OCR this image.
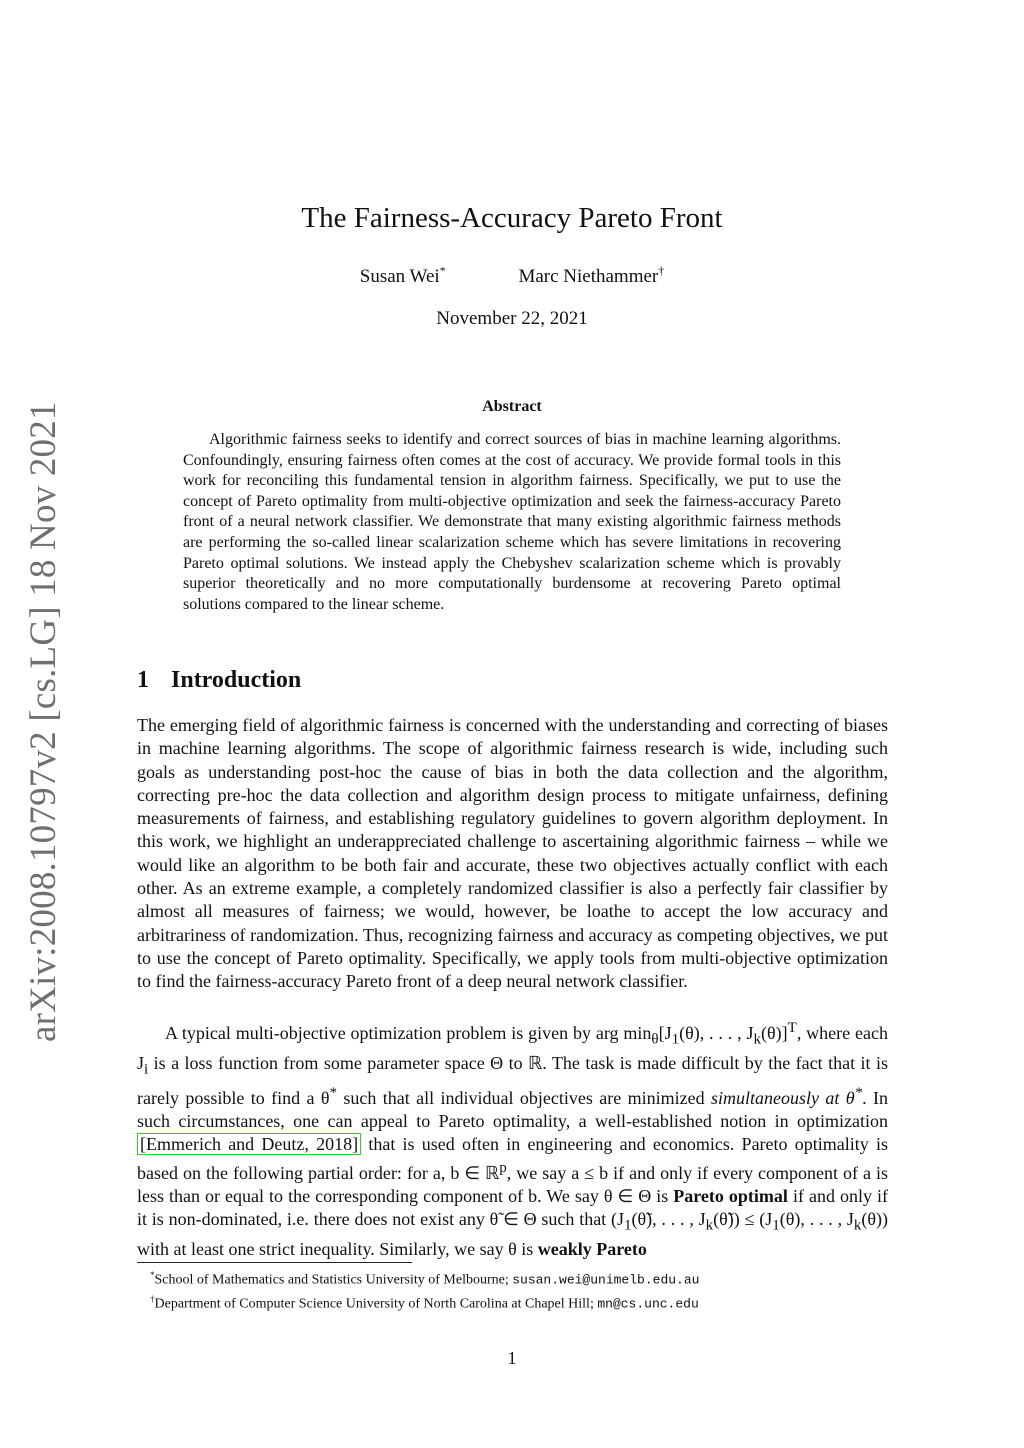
arXiv:2008.10797v2 [cs.LG] 18 Nov 2021
The Fairness-Accuracy Pareto Front
Susan Wei*	Marc Niethammer†
November 22, 2021
Abstract

Algorithmic fairness seeks to identify and correct sources of bias in machine learning algorithms. Confoundingly, ensuring fairness often comes at the cost of accuracy. We provide formal tools in this work for reconciling this fundamental tension in algorithm fairness. Specifically, we put to use the concept of Pareto optimality from multi-objective optimization and seek the fairness-accuracy Pareto front of a neural network classifier. We demonstrate that many existing algorithmic fairness methods are performing the so-called linear scalarization scheme which has severe limitations in recovering Pareto optimal solutions. We instead apply the Chebyshev scalarization scheme which is provably superior theoretically and no more computationally burdensome at recovering Pareto optimal solutions compared to the linear scheme.

1 Introduction

The emerging field of algorithmic fairness is concerned with the understanding and correcting of biases in machine learning algorithms. The scope of algorithmic fairness research is wide, including such goals as understanding post-hoc the cause of bias in both the data collection and the algorithm, correcting pre-hoc the data collection and algorithm design process to mitigate unfairness, defining measurements of fairness, and establishing regulatory guidelines to govern algorithm deployment. In this work, we highlight an underappreciated challenge to ascertaining algorithmic fairness – while we would like an algorithm to be both fair and accurate, these two objectives actually conflict with each other. As an extreme example, a completely randomized classifier is also a perfectly fair classifier by almost all measures of fairness; we would, however, be loathe to accept the low accuracy and arbitrariness of randomization. Thus, recognizing fairness and accuracy as competing objectives, we put to use the concept of Pareto optimality. Specifically, we apply tools from multi-objective optimization to find the fairness-accuracy Pareto front of a deep neural network classifier.

A typical multi-objective optimization problem is given by arg $\min_\theta[J_1(\theta)$, . . . , $J_k(\theta)]^T$, where each $J_i$ is a loss function from some parameter space Θ to ℝ. The task is made difficult by the fact that it is rarely possible to find a θ* such that all individual objectives are minimized simultaneously at θ*. In such circumstances, one can appeal to Pareto optimality, a well-established notion in optimization [Emmerich and Deutz, 2018] that is used often in engineering and economics. Pareto optimality is based on the following partial order: for a, b ∈ ℝ$^p$, we say a ≤ b if and only if every component of a is less than or equal to the corresponding component of b. We say θ ∈ Θ is Pareto optimal if and only if it is non-dominated, i.e. there does not exist any θ̃ ∈ Θ such that ($J_1(\thetã)$, . . . , $J_k(\thetã)) \le (J_1(\theta)$, . . . , $J_k(\theta)$) with at least one strict inequality. Similarly, we say θ is weakly Pareto

*School of Mathematics and Statistics University of Melbourne; susan.wei@unimelb.edu.au
†Department of Computer Science University of North Carolina at Chapel Hill; mn@cs.unc.edu
1
